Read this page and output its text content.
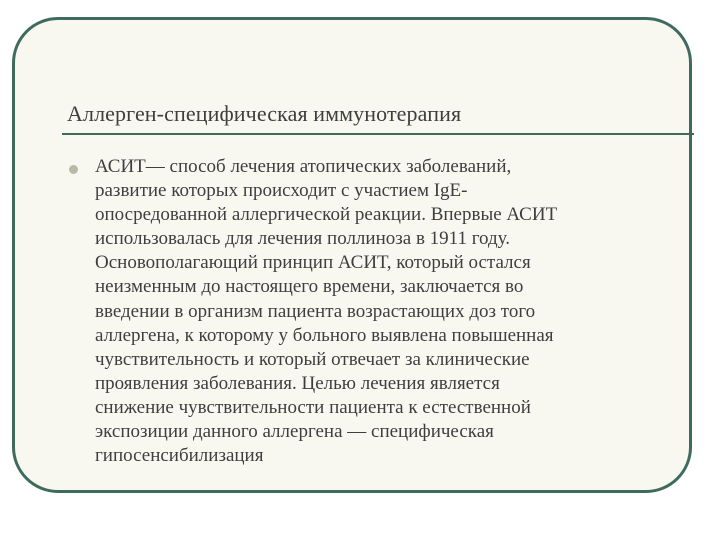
Аллерген-специфическая иммунотерапия
АСИТ— способ лечения атопических заболеваний,
развитие которых происходит с участием IgE-
опосредованной аллергической реакции. Впервые АСИТ
использовалась для лечения поллиноза в 1911 году.
Основополагающий принцип АСИТ, который остался
неизменным до настоящего времени, заключается во
введении в организм пациента возрастающих доз того
аллергена, к которому у больного выявлена повышенная
чувствительность и который отвечает за клинические
проявления заболевания. Целью лечения является
снижение чувствительности пациента к естественной
экспозиции данного аллергена — специфическая
гипосенсибилизация
